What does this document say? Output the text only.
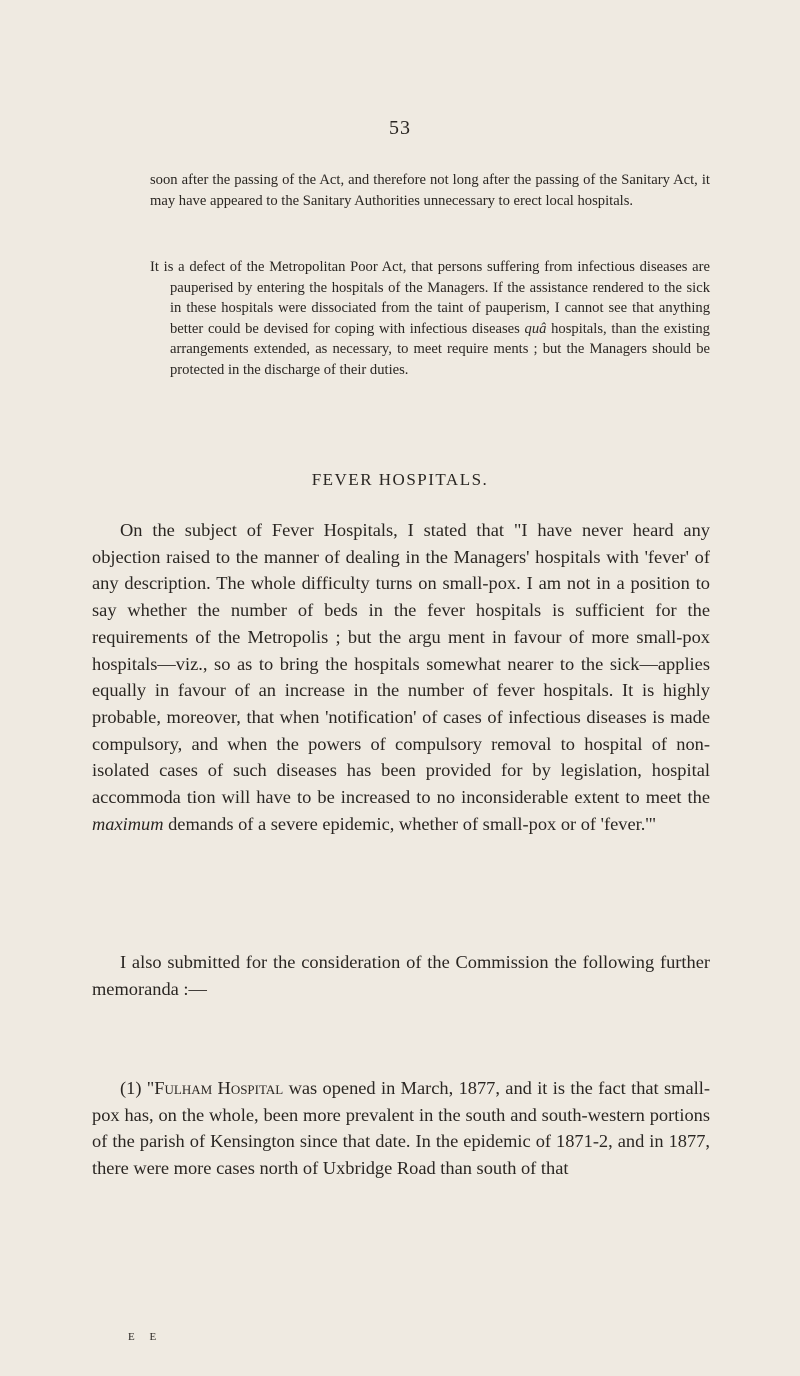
53
soon after the passing of the Act, and therefore not long after the passing of the Sanitary Act, it may have appeared to the Sanitary Authorities unnecessary to erect local hospitals.
It is a defect of the Metropolitan Poor Act, that persons suffering from infectious diseases are pauperised by entering the hospitals of the Managers. If the assistance rendered to the sick in these hospitals were dissociated from the taint of pauperism, I cannot see that anything better could be devised for coping with infectious diseases quâ hospitals, than the existing arrangements extended, as necessary, to meet require ments ; but the Managers should be protected in the discharge of their duties.
FEVER HOSPITALS.

On the subject of Fever Hospitals, I stated that "I have never heard any objection raised to the manner of dealing in the Managers' hospitals with 'fever' of any description. The whole difficulty turns on small-pox. I am not in a position to say whether the number of beds in the fever hospitals is sufficient for the requirements of the Metropolis ; but the argu ment in favour of more small-pox hospitals—viz., so as to bring the hospitals somewhat nearer to the sick—applies equally in favour of an increase in the number of fever hospitals. It is highly probable, moreover, that when 'notification' of cases of infectious diseases is made compulsory, and when the powers of compulsory removal to hospital of non-isolated cases of such diseases has been provided for by legislation, hospital accommoda tion will have to be increased to no inconsiderable extent to meet the maximum demands of a severe epidemic, whether of small-pox or of 'fever.'"

I also submitted for the consideration of the Commission the following further memoranda :—

(1) "Fulham Hospital was opened in March, 1877, and it is the fact that small-pox has, on the whole, been more prevalent in the south and south-western portions of the parish of Kensington since that date. In the epidemic of 1871-2, and in 1877, there were more cases north of Uxbridge Road than south of that

E E
